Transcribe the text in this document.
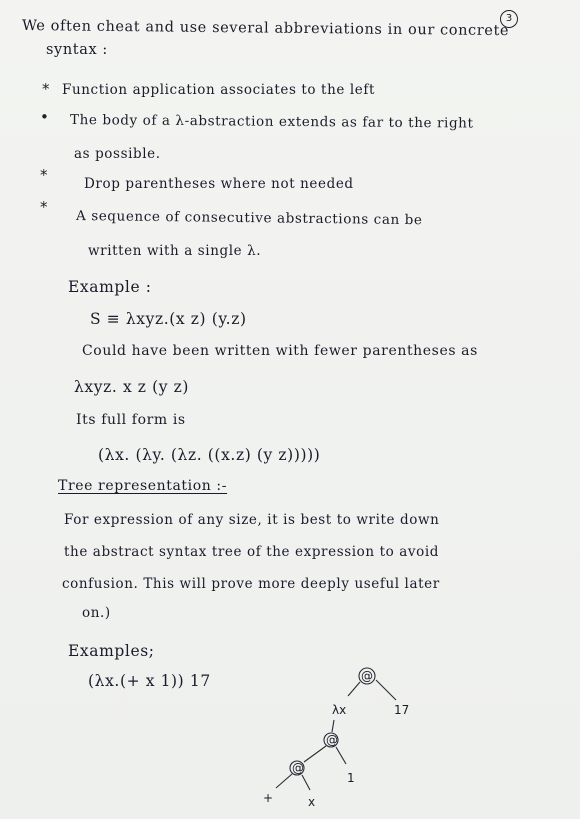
3
We often cheat and use several abbreviations in our concrete
syntax :
* Function application associates to the left
• The body of a λ-abstraction extends as far to the right
as possible.
*	Drop parentheses where not needed
*
A sequence of consecutive abstractions can be
written with a single λ.
Example :
S ≡ λxyz.(x z) (y.z)
Could have been written with fewer parentheses as
λxyz. x z (y z)
Its full form is
(λx. (λy. (λz. ((x.z) (y z)))))
Tree representation :-
For expression of any size, it is best to write down
the abstract syntax tree of the expression to avoid
confusion. This will prove more deeply useful later
on.)
Examples;
(λx.(+ x 1)) 17	@
λx	17
@
@
1
+	x
